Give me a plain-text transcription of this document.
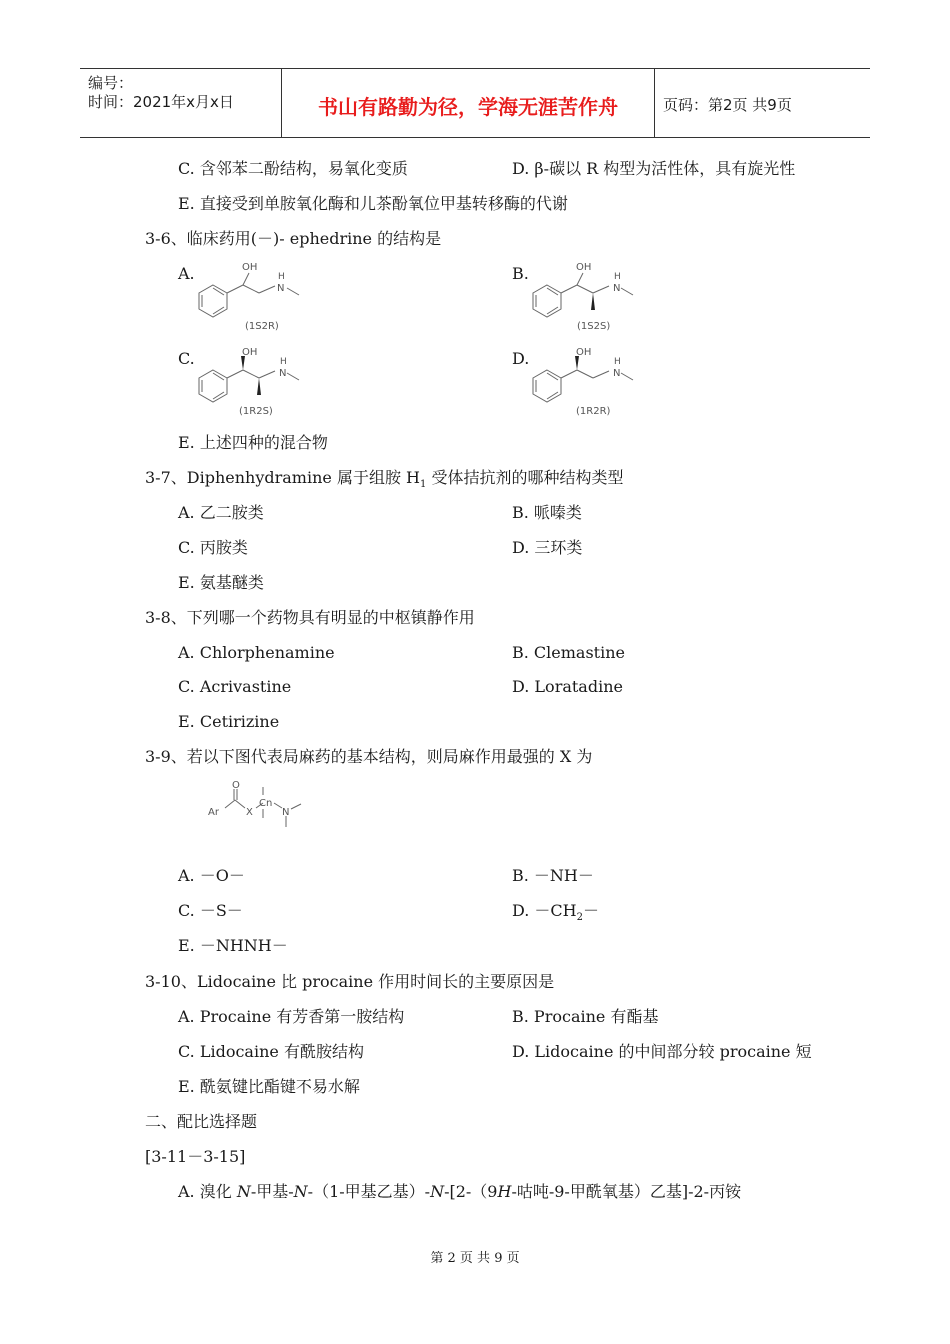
编号：
时间：2021年x月x日	书山有路勤为径，学海无涯苦作舟	页码：第2页 共9页
C. 含邻苯二酚结构，易氧化变质	D. β-碳以 R 构型为活性体，具有旋光性
E. 直接受到单胺氧化酶和儿茶酚氧位甲基转移酶的代谢
3-6、临床药用(－)- ephedrine 的结构是
A.	B.
C.	D.
OH
H
N
(1S2R)
OH
H
N
(1S2S)
OH
H
N
(1R2S)
OH
H
N
(1R2R)
E. 上述四种的混合物
3-7、Diphenhydramine 属于组胺 $H_1$ 受体拮抗剂的哪种结构类型
A. 乙二胺类	B. 哌嗪类
C. 丙胺类	D. 三环类
E. 氨基醚类
3-8、下列哪一个药物具有明显的中枢镇静作用
A. Chlorphenamine	B. Clemastine
C. Acrivastine	D. Loratadine
E. Cetirizine
3-9、若以下图代表局麻药的基本结构，则局麻作用最强的 X 为
O
Ar	X
Cn
N
A. －O－	B. －NH－
C. －S－	D. $-CH_2-$
E. －NHNH－
3-10、Lidocaine 比 procaine 作用时间长的主要原因是
A. Procaine 有芳香第一胺结构	B. Procaine 有酯基
C. Lidocaine 有酰胺结构	D. Lidocaine 的中间部分较 procaine 短
E. 酰氨键比酯键不易水解
二、配比选择题
[3-11－3-15]
A. 溴化 N-甲基-N-（1-甲基乙基）-N-[2-（9H-咕吨-9-甲酰氧基）乙基]-2-丙铵
第 2 页 共 9 页
